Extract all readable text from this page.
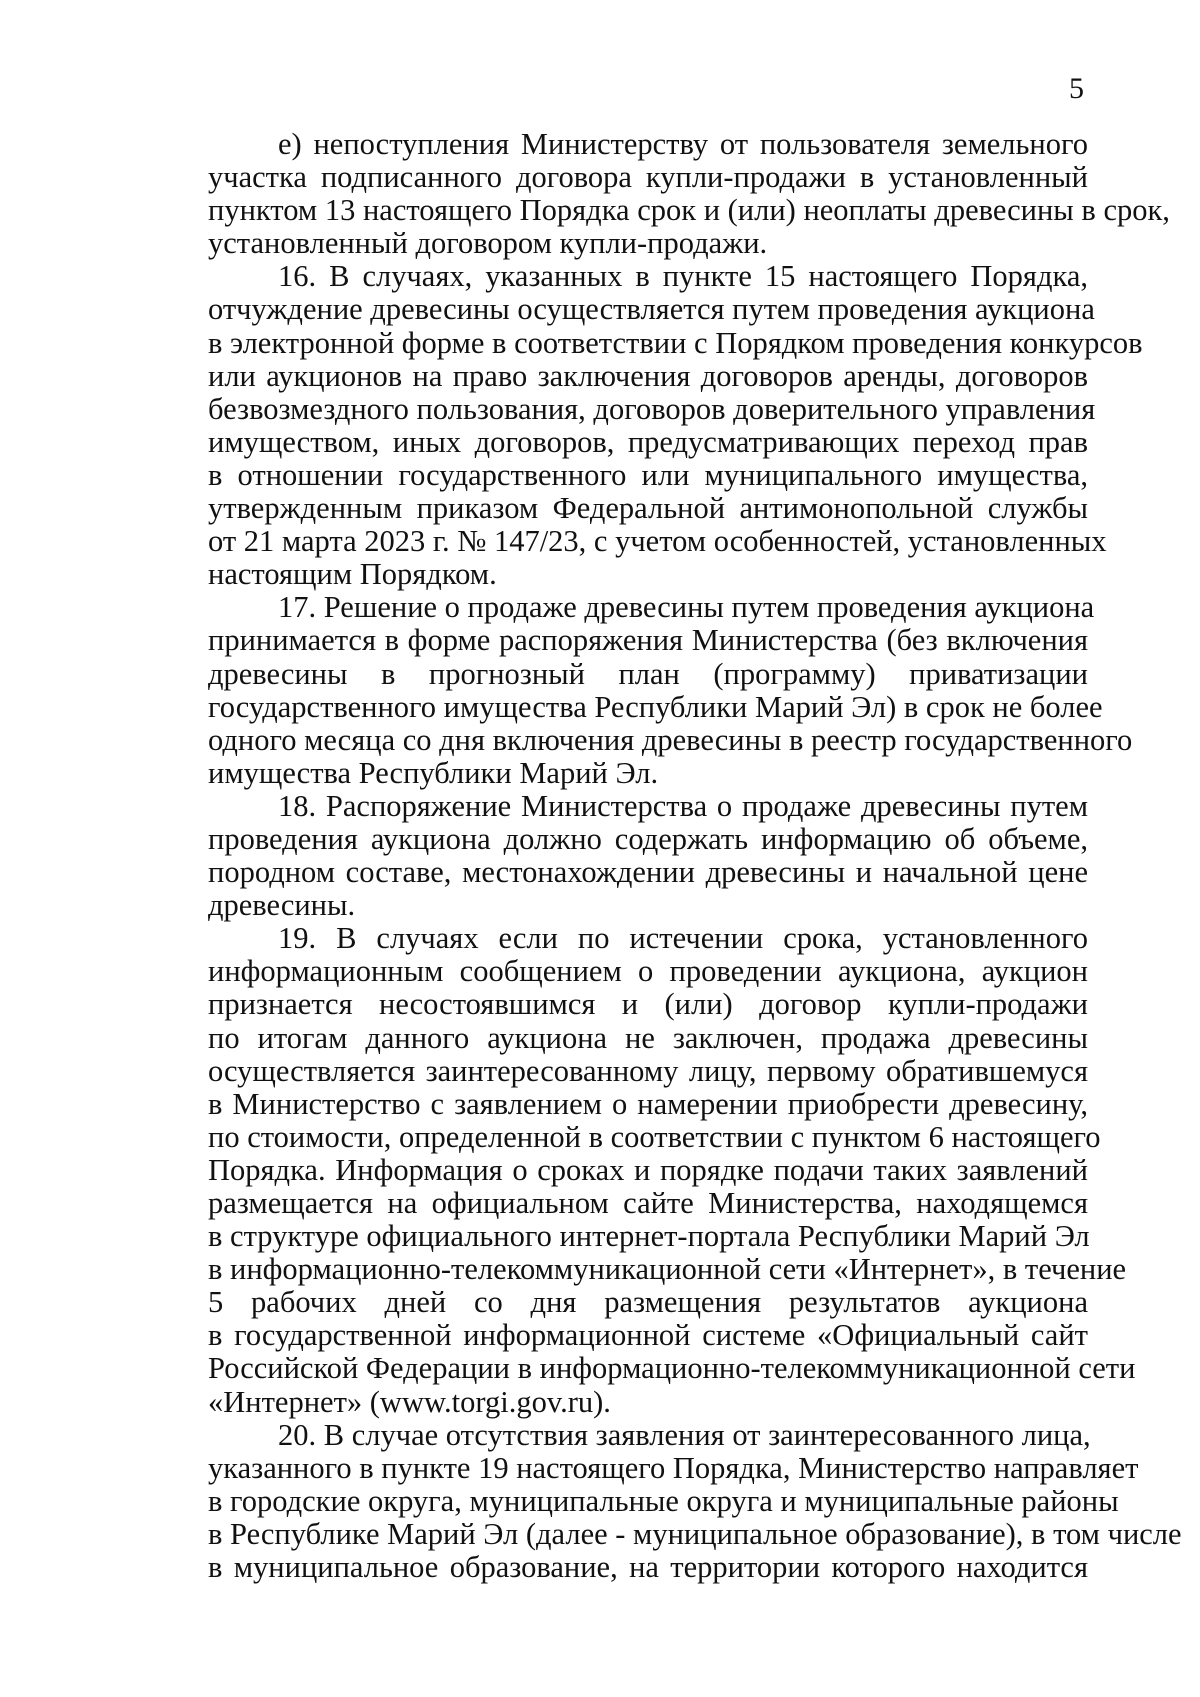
5
е) непоступления Министерству от пользователя земельного
участка подписанного договора купли-продажи в установленный
пунктом 13 настоящего Порядка срок и (или) неоплаты древесины в срок,
установленный договором купли-продажи.
16. В случаях, указанных в пункте 15 настоящего Порядка,
отчуждение древесины осуществляется путем проведения аукциона
в электронной форме в соответствии с Порядком проведения конкурсов
или аукционов на право заключения договоров аренды, договоров
безвозмездного пользования, договоров доверительного управления
имуществом, иных договоров, предусматривающих переход прав
в отношении государственного или муниципального имущества,
утвержденным приказом Федеральной антимонопольной службы
от 21 марта 2023 г. № 147/23, с учетом особенностей, установленных
настоящим Порядком.
17. Решение о продаже древесины путем проведения аукциона
принимается в форме распоряжения Министерства (без включения
древесины в прогнозный план (программу) приватизации
государственного имущества Республики Марий Эл) в срок не более
одного месяца со дня включения древесины в реестр государственного
имущества Республики Марий Эл.
18. Распоряжение Министерства о продаже древесины путем
проведения аукциона должно содержать информацию об объеме,
породном составе, местонахождении древесины и начальной цене
древесины.
19. В случаях если по истечении срока, установленного
информационным сообщением о проведении аукциона, аукцион
признается несостоявшимся и (или) договор купли-продажи
по итогам данного аукциона не заключен, продажа древесины
осуществляется заинтересованному лицу, первому обратившемуся
в Министерство с заявлением о намерении приобрести древесину,
по стоимости, определенной в соответствии с пунктом 6 настоящего
Порядка. Информация о сроках и порядке подачи таких заявлений
размещается на официальном сайте Министерства, находящемся
в структуре официального интернет-портала Республики Марий Эл
в информационно-телекоммуникационной сети «Интернет», в течение
5 рабочих дней со дня размещения результатов аукциона
в государственной информационной системе «Официальный сайт
Российской Федерации в информационно-телекоммуникационной сети
«Интернет» (www.torgi.gov.ru).
20. В случае отсутствия заявления от заинтересованного лица,
указанного в пункте 19 настоящего Порядка, Министерство направляет
в городские округа, муниципальные округа и муниципальные районы
в Республике Марий Эл (далее - муниципальное образование), в том числе
в муниципальное образование, на территории которого находится
